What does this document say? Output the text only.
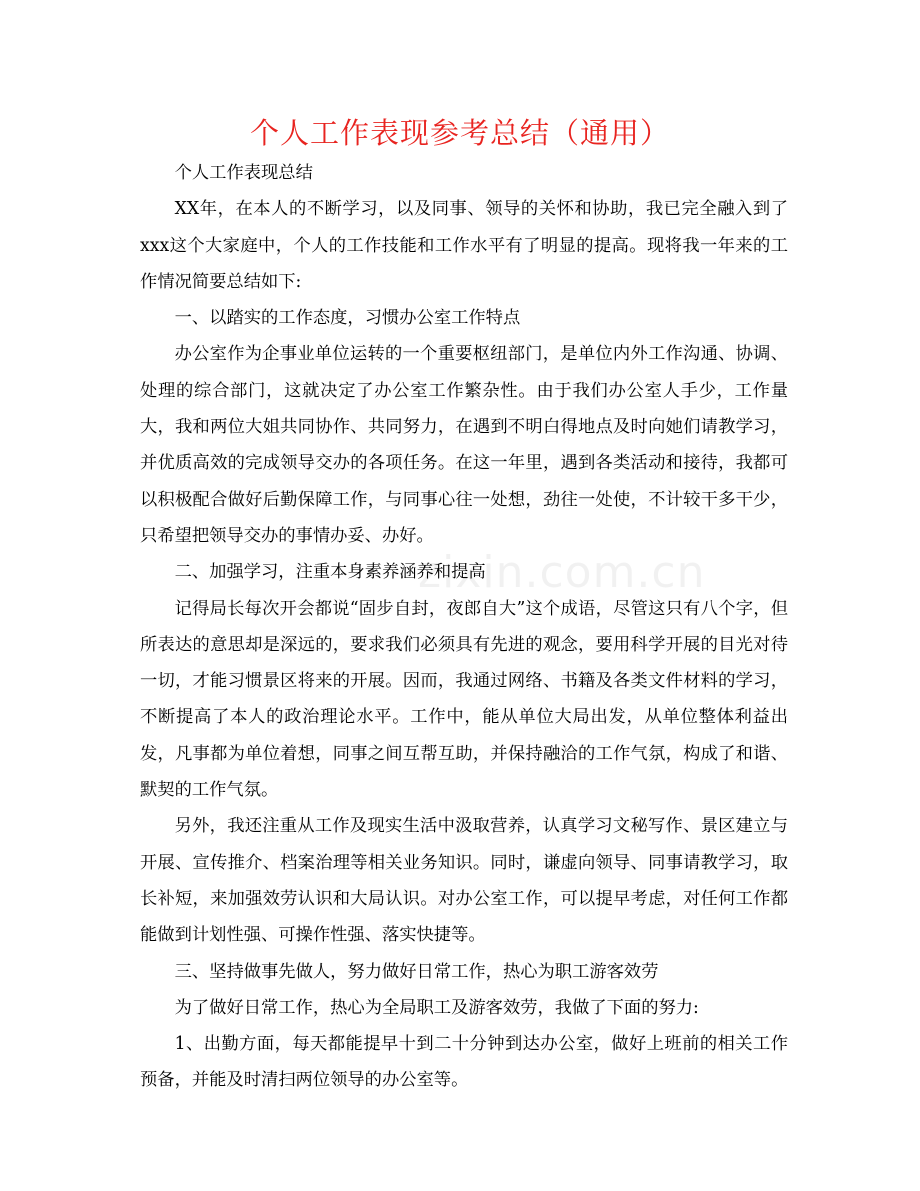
个人工作表现参考总结（通用）

个人工作表现总结

XX年，在本人的不断学习，以及同事、领导的关怀和协助，我已完全融入到了xxx这个大家庭中，个人的工作技能和工作水平有了明显的提高。现将我一年来的工作情况简要总结如下:

一、以踏实的工作态度，习惯办公室工作特点

办公室作为企事业单位运转的一个重要枢纽部门，是单位内外工作沟通、协调、处理的综合部门，这就决定了办公室工作繁杂性。由于我们办公室人手少，工作量大，我和两位大姐共同协作、共同努力，在遇到不明白得地点及时向她们请教学习，并优质高效的完成领导交办的各项任务。在这一年里，遇到各类活动和接待，我都可以积极配合做好后勤保障工作，与同事心往一处想，劲往一处使，不计较干多干少，只希望把领导交办的事情办妥、办好。

二、加强学习，注重本身素养涵养和提高

记得局长每次开会都说“固步自封，夜郎自大”这个成语，尽管这只有八个字，但所表达的意思却是深远的，要求我们必须具有先进的观念，要用科学开展的目光对待一切，才能习惯景区将来的开展。因而，我通过网络、书籍及各类文件材料的学习，不断提高了本人的政治理论水平。工作中，能从单位大局出发，从单位整体利益出发，凡事都为单位着想，同事之间互帮互助，并保持融洽的工作气氛，构成了和谐、默契的工作气氛。

另外，我还注重从工作及现实生活中汲取营养，认真学习文秘写作、景区建立与开展、宣传推介、档案治理等相关业务知识。同时，谦虚向领导、同事请教学习，取长补短，来加强效劳认识和大局认识。对办公室工作，可以提早考虑，对任何工作都能做到计划性强、可操作性强、落实快捷等。

三、坚持做事先做人，努力做好日常工作，热心为职工游客效劳

为了做好日常工作，热心为全局职工及游客效劳，我做了下面的努力:

1、出勤方面，每天都能提早十到二十分钟到达办公室，做好上班前的相关工作预备，并能及时清扫两位领导的办公室等。

zixin.com.cn
